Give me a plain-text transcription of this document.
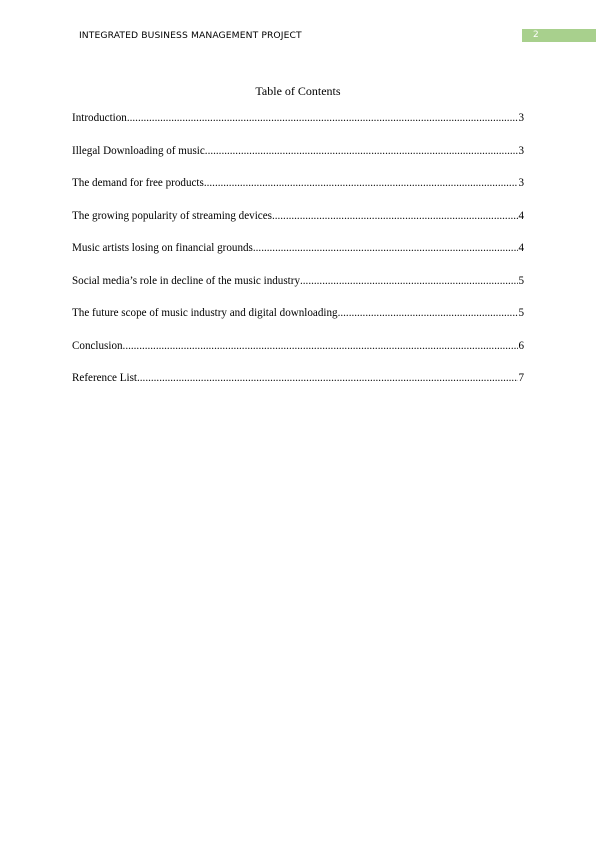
INTEGRATED BUSINESS MANAGEMENT PROJECT	2
Table of Contents
Introduction .....	3
Illegal Downloading of music .....	3
The demand for free products .....	3
The growing popularity of streaming devices .....	4
Music artists losing on financial grounds .....	4
Social media’s role in decline of the music industry .....	5
The future scope of music industry and digital downloading .....	5
Conclusion .....	6
Reference List .....	7
